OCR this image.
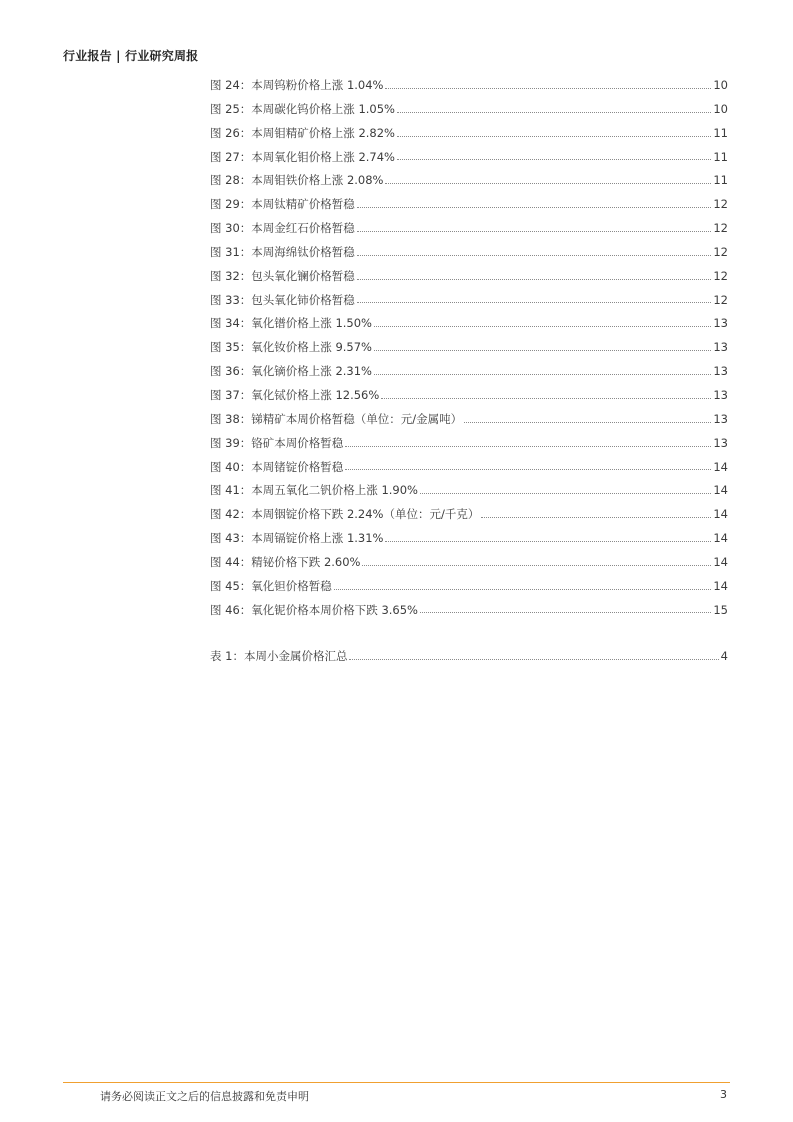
行业报告 | 行业研究周报
图 24：本周钨粉价格上涨 1.04%	10
图 25：本周碳化钨价格上涨 1.05%	10
图 26：本周钼精矿价格上涨 2.82%	11
图 27：本周氧化钼价格上涨 2.74%	11
图 28：本周钼铁价格上涨 2.08%	11
图 29：本周钛精矿价格暂稳	12
图 30：本周金红石价格暂稳	12
图 31：本周海绵钛价格暂稳	12
图 32：包头氧化镧价格暂稳	12
图 33：包头氧化铈价格暂稳	12
图 34：氧化镨价格上涨 1.50%	13
图 35：氧化钕价格上涨 9.57%	13
图 36：氧化镝价格上涨 2.31%	13
图 37：氧化铽价格上涨 12.56%	13
图 38：锑精矿本周价格暂稳（单位：元/金属吨）	13
图 39：铬矿本周价格暂稳	13
图 40：本周锗锭价格暂稳	14
图 41：本周五氧化二钒价格上涨 1.90%	14
图 42：本周铟锭价格下跌 2.24%（单位：元/千克）	14
图 43：本周镉锭价格上涨 1.31%	14
图 44：精铋价格下跌 2.60%	14
图 45：氧化钽价格暂稳	14
图 46：氧化铌价格本周价格下跌 3.65%	15
表 1：本周小金属价格汇总	4
请务必阅读正文之后的信息披露和免责申明	3
